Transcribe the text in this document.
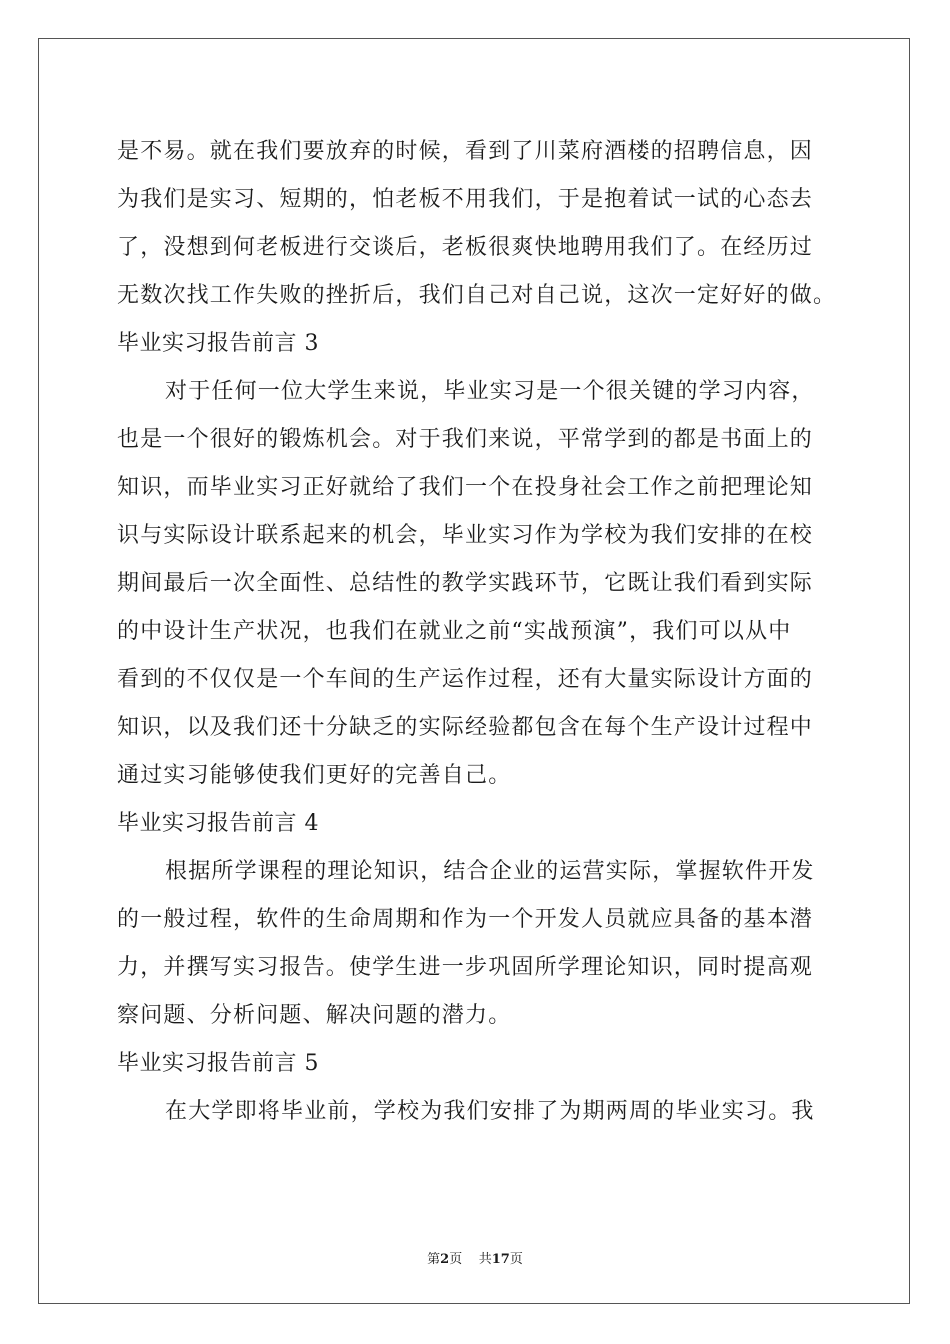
是不易。就在我们要放弃的时候，看到了川菜府酒楼的招聘信息，因
为我们是实习、短期的，怕老板不用我们，于是抱着试一试的心态去
了，没想到何老板进行交谈后，老板很爽快地聘用我们了。在经历过
无数次找工作失败的挫折后，我们自己对自己说，这次一定好好的做。
毕业实习报告前言 3
对于任何一位大学生来说，毕业实习是一个很关键的学习内容，
也是一个很好的锻炼机会。对于我们来说，平常学到的都是书面上的
知识，而毕业实习正好就给了我们一个在投身社会工作之前把理论知
识与实际设计联系起来的机会，毕业实习作为学校为我们安排的在校
期间最后一次全面性、总结性的教学实践环节，它既让我们看到实际
的中设计生产状况，也我们在就业之前“实战预演”，我们可以从中
看到的不仅仅是一个车间的生产运作过程，还有大量实际设计方面的
知识，以及我们还十分缺乏的实际经验都包含在每个生产设计过程中
通过实习能够使我们更好的完善自己。
毕业实习报告前言 4
根据所学课程的理论知识，结合企业的运营实际，掌握软件开发
的一般过程，软件的生命周期和作为一个开发人员就应具备的基本潜
力，并撰写实习报告。使学生进一步巩固所学理论知识，同时提高观
察问题、分析问题、解决问题的潜力。
毕业实习报告前言 5
在大学即将毕业前，学校为我们安排了为期两周的毕业实习。我
第2页 共17页
